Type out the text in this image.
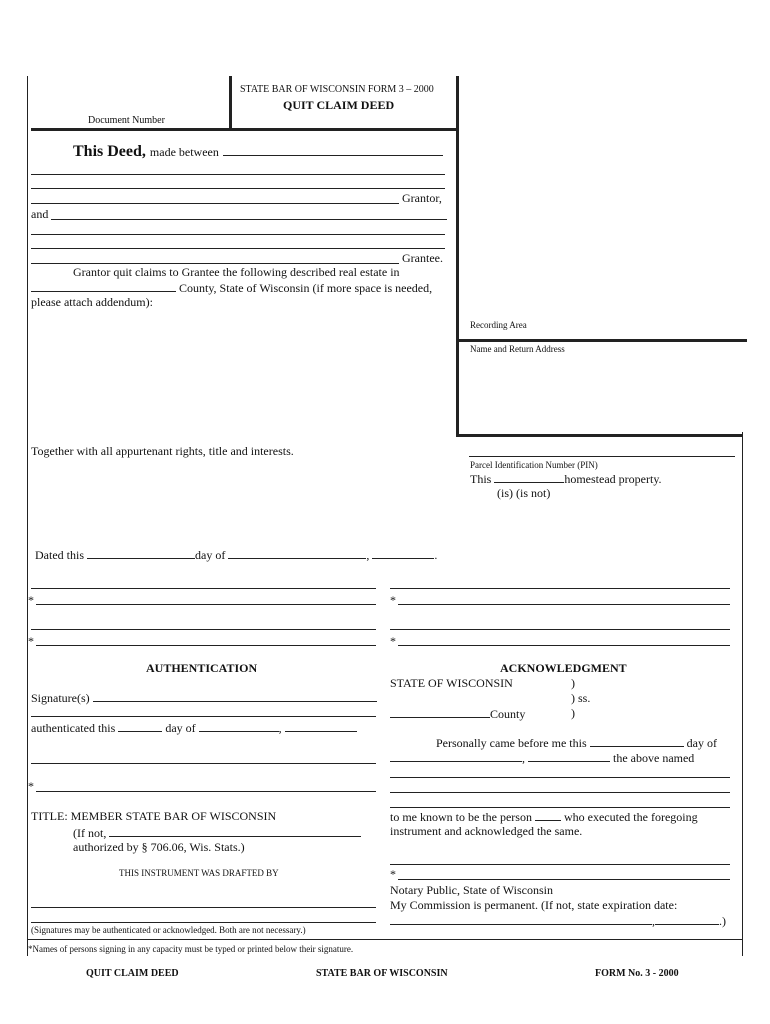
STATE BAR OF WISCONSIN FORM 3 – 2000
QUIT CLAIM DEED
Document Number
This Deed, made between
Grantor,
and
Grantee.
Grantor quit claims to Grantee the following described real estate in
County, State of Wisconsin (if more space is needed,
please attach addendum):
Recording Area
Name and Return Address
Parcel Identification Number (PIN)
This	homestead property.
(is) (is not)
Together with all appurtenant rights, title and interests.
Dated this	day of	,	.
*	*
*	*
AUTHENTICATION
Signature(s)
authenticated this	day of	,
*
TITLE: MEMBER STATE BAR OF WISCONSIN
(If not,
authorized by § 706.06, Wis. Stats.)
THIS INSTRUMENT WAS DRAFTED BY
(Signatures may be authenticated or acknowledged. Both are not necessary.)
*Names of persons signing in any capacity must be typed or printed below their signature.
ACKNOWLEDGMENT
STATE OF WISCONSIN	)
) ss.
County	)
Personally came before me this	day of
,	the above named
to me known to be the person	who executed the foregoing
instrument and acknowledged the same.
*
Notary Public, State of Wisconsin
My Commission is permanent. (If not, state expiration date:
,	.)
QUIT CLAIM DEED	STATE BAR OF WISCONSIN	FORM No. 3 - 2000
